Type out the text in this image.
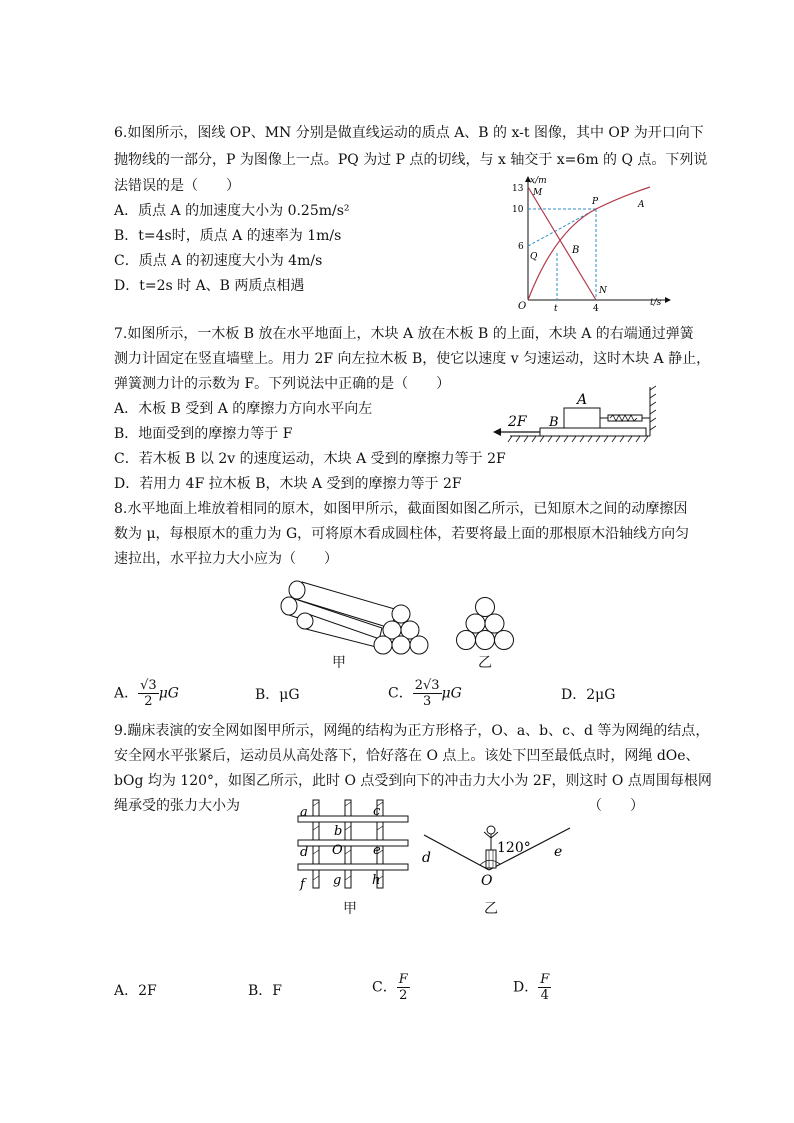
6.如图所示，图线 OP、MN 分别是做直线运动的质点 A、B 的 x-t 图像，其中 OP 为开口向下
抛物线的一部分，P 为图像上一点。PQ 为过 P 点的切线，与 x 轴交于 x=6m 的 Q 点。下列说
法错误的是（　　）
A．质点 A 的加速度大小为 0.25m/s²
B．t=4s时，质点 A 的速率为 1m/s
C．质点 A 的初速度大小为 4m/s
D．t=2s 时 A、B 两质点相遇
x/m
t/s
13
10
6
t	4
O
M
P
Q
N
A
B
7.如图所示，一木板 B 放在水平地面上，木块 A 放在木板 B 的上面，木块 A 的右端通过弹簧
测力计固定在竖直墙壁上。用力 2F 向左拉木板 B，使它以速度 v 匀速运动，这时木块 A 静止，
弹簧测力计的示数为 F。下列说法中正确的是（　　）
A．木板 B 受到 A 的摩擦力方向水平向左
B．地面受到的摩擦力等于 F
C．若木板 B 以 2v 的速度运动，木块 A 受到的摩擦力等于 2F
D．若用力 4F 拉木板 B，木块 A 受到的摩擦力等于 2F
2F
A
B
8.水平地面上堆放着相同的原木，如图甲所示，截面图如图乙所示，已知原木之间的动摩擦因
数为 μ，每根原木的重力为 G，可将原木看成圆柱体，若要将最上面的那根原木沿轴线方向匀
速拉出，水平拉力大小应为（　　）
甲	乙
A． $\frac{√3}{2}$ μG	B．μG	C． $\frac{2√3}{3}$ μG	D．2μG
9.蹦床表演的安全网如图甲所示，网绳的结构为正方形格子，O、a、b、c、d 等为网绳的结点，
安全网水平张紧后，运动员从高处落下，恰好落在 O 点上。该处下凹至最低点时，网绳 dOe、
bOg 均为 120°，如图乙所示，此时 O 点受到向下的冲击力大小为 2F，则这时 O 点周围每根网
绳承受的张力大小为	（　　）
a
b
c
d O e
f g h
甲
120°
d	e
O
乙
A．2F	B．F	C． $\frac{F}{2}$	D． $\frac{F}{4}$
